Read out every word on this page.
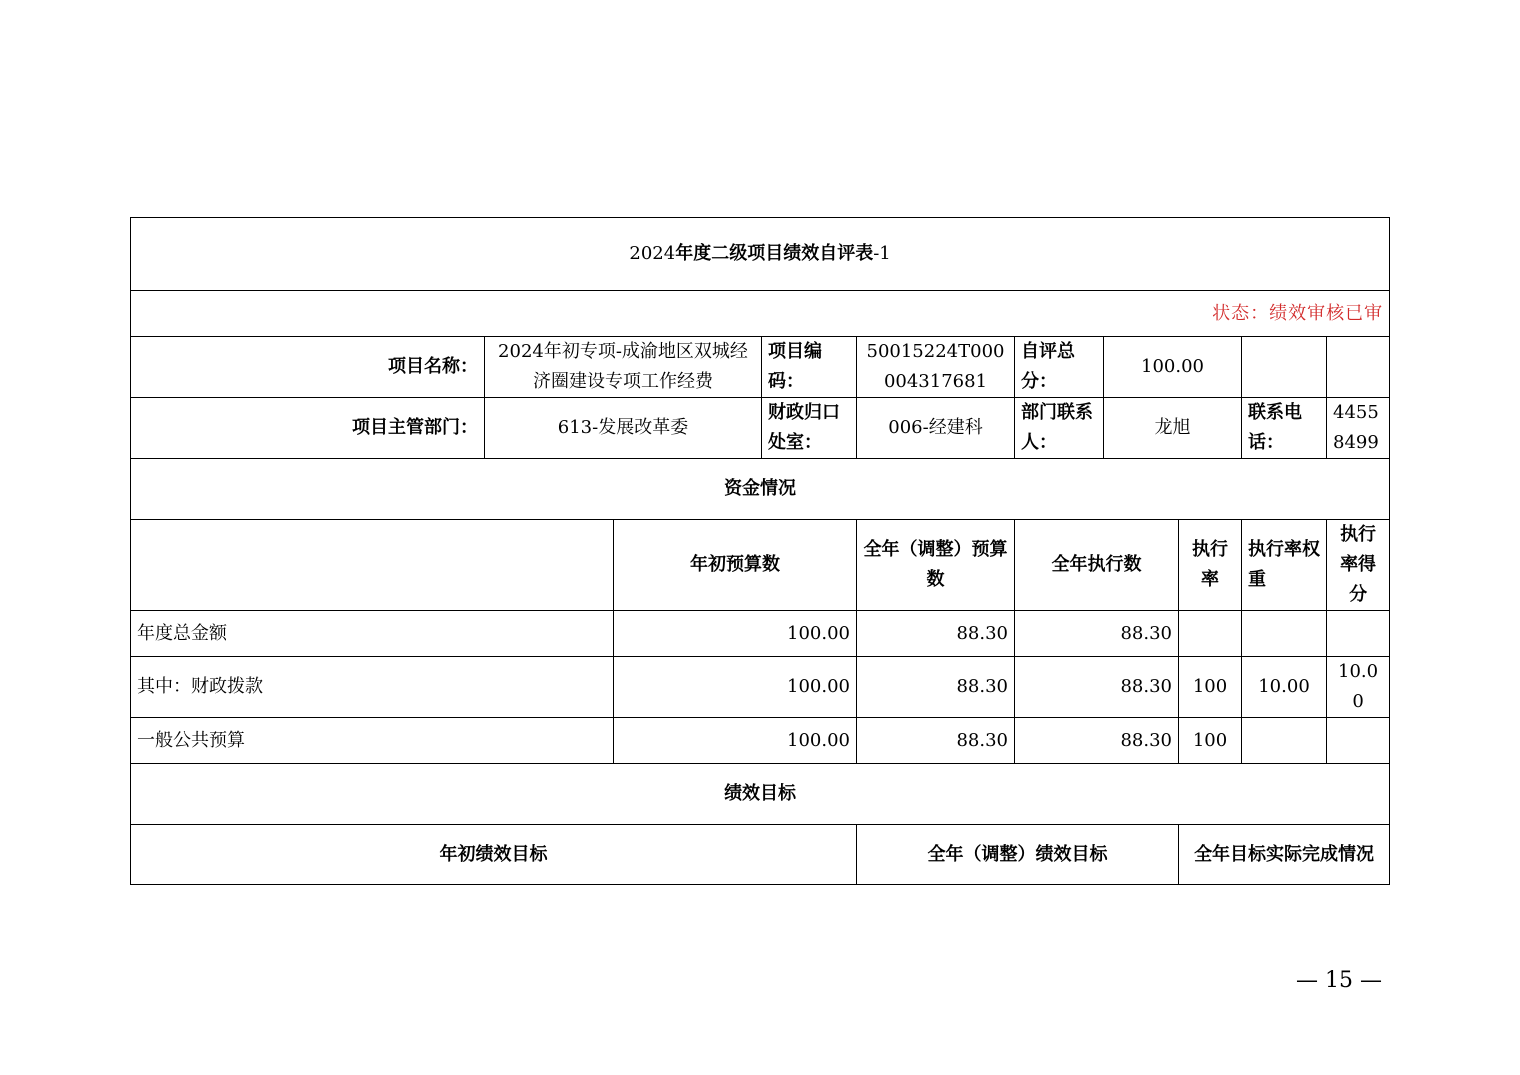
2024年度二级项目绩效自评表-1									
状态：绩效审核已审									
项目名称：	2024年初专项-成渝地区双城经济圈建设专项工作经费		项目编码：	50015224T000004317681	自评总分：	100.00			
项目主管部门：	613-发展改革委		财政归口处室：	006-经建科	部门联系人：	龙旭		联系电话：	44558499
资金情况									
		年初预算数		全年（调整）预算数	全年执行数		执行率	执行率权重	执行率得分
年度总金额		100.00		88.30	88.30				
其中：财政拨款		100.00		88.30	88.30		100	10.00	10.00
一般公共预算		100.00		88.30	88.30		100		
绩效目标									
年初绩效目标				全年（调整）绩效目标			全年目标实际完成情况		
— 15 —
